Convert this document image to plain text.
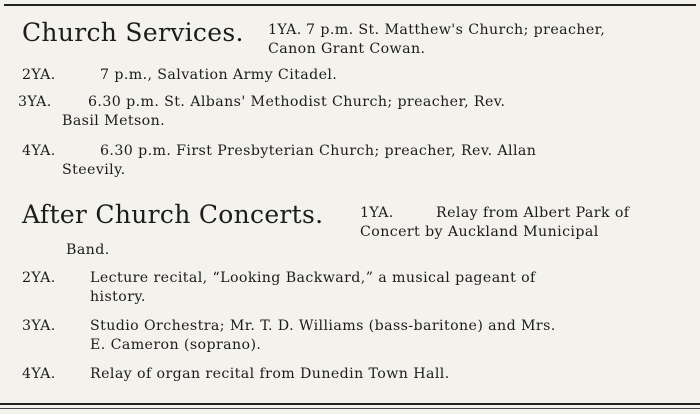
Church Services. 1YA. 7 p.m. St. Matthew's Church; preacher,
Canon Grant Cowan.
2YA.	7 p.m., Salvation Army Citadel.
3YA.	6.30 p.m. St. Albans' Methodist Church; preacher, Rev.
Basil Metson.
4YA.	6.30 p.m. First Presbyterian Church; preacher, Rev. Allan
Steevily.
After Church Concerts.	1YA.	Relay from Albert Park of
Concert by Auckland Municipal
Band.
2YA. Lecture recital, “Looking Backward,” a musical pageant of
history.
3YA. Studio Orchestra; Mr. T. D. Williams (bass-baritone) and Mrs.
E. Cameron (soprano).
4YA. Relay of organ recital from Dunedin Town Hall.
